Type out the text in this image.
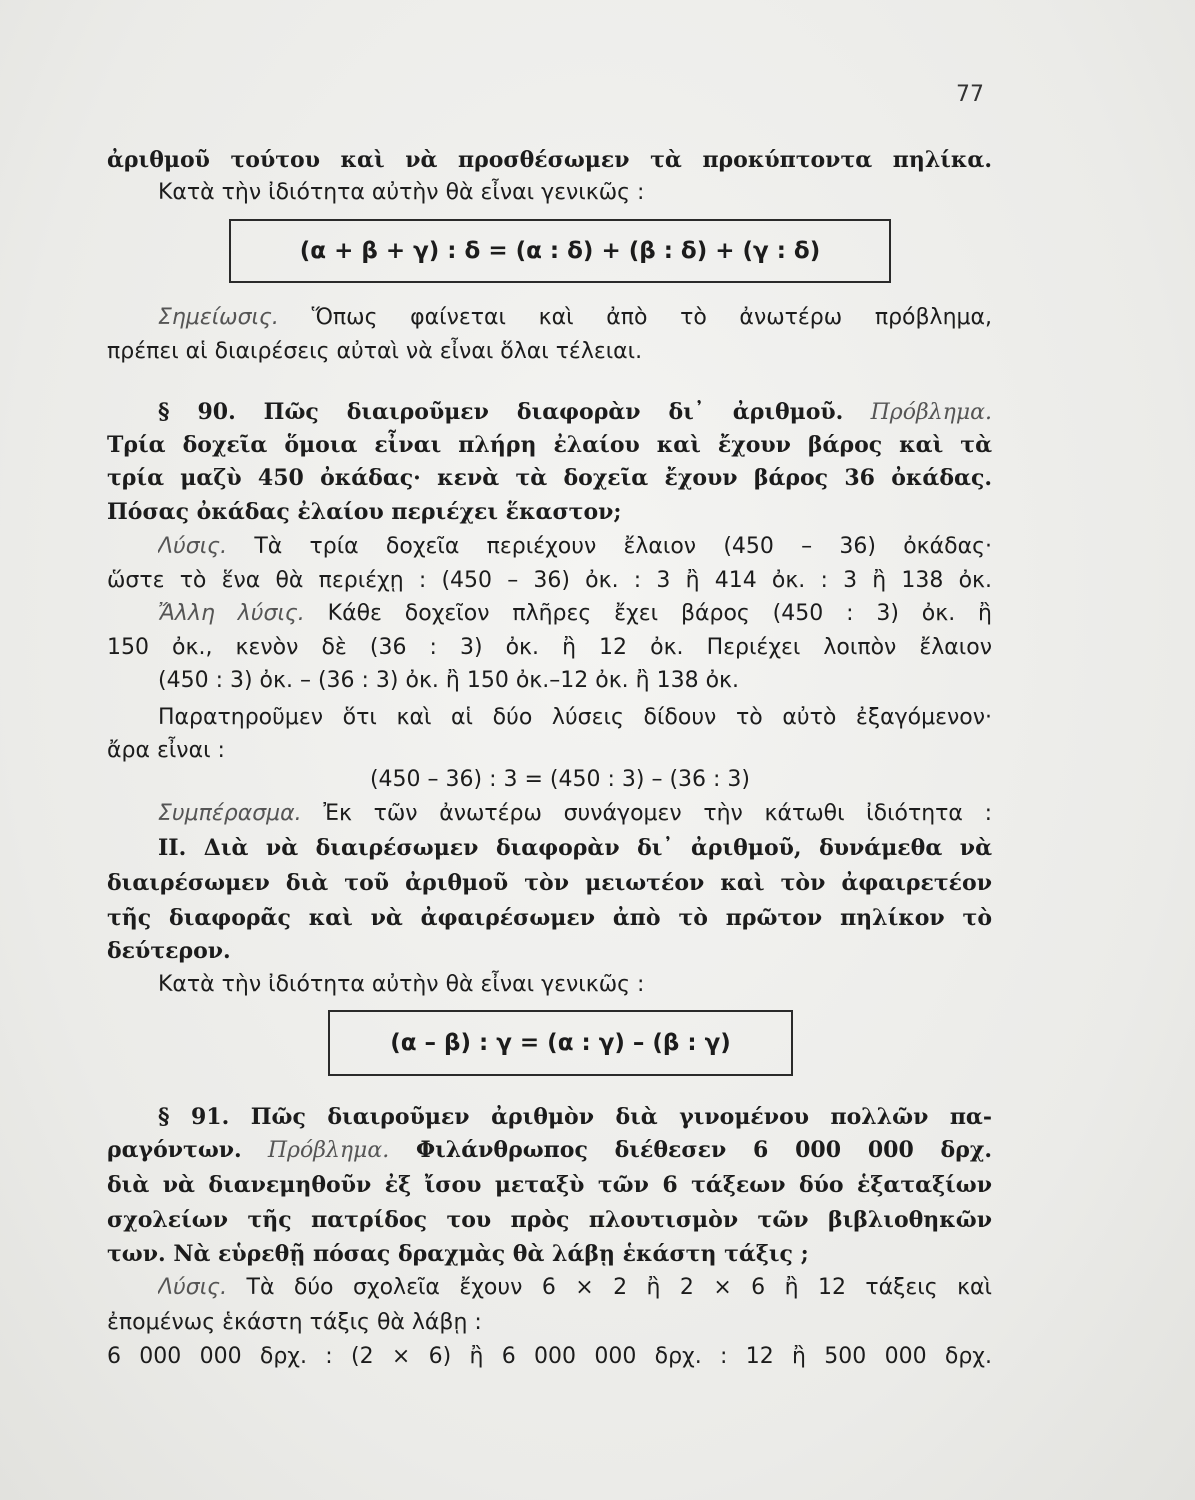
77
ἀριθμοῦ τούτου καὶ νὰ προσθέσωμεν τὰ προκύπτοντα πηλίκα.
Κατὰ τὴν ἰδιότητα αὐτὴν θὰ εἶναι γενικῶς :
(α + β + γ) : δ = (α : δ) + (β : δ) + (γ : δ)
Σημείωσις. Ὅπως φαίνεται καὶ ἀπὸ τὸ ἀνωτέρω πρόβλημα,
πρέπει αἱ διαιρέσεις αὐταὶ νὰ εἶναι ὅλαι τέλειαι.
§ 90. Πῶς διαιροῦμεν διαφορὰν δι᾽ ἀριθμοῦ. Πρόβλημα.
Τρία δοχεῖα ὅμοια εἶναι πλήρη ἐλαίου καὶ ἔχουν βάρος καὶ τὰ
τρία μαζὺ 450 ὀκάδας· κενὰ τὰ δοχεῖα ἔχουν βάρος 36 ὀκάδας.
Πόσας ὀκάδας ἐλαίου περιέχει ἕκαστον;
Λύσις. Τὰ τρία δοχεῖα περιέχουν ἔλαιον (450 – 36) ὀκάδας·
ὥστε τὸ ἕνα θὰ περιέχῃ : (450 – 36) ὀκ. : 3 ἢ 414 ὀκ. : 3 ἢ 138 ὀκ.
Ἄλλη λύσις. Κάθε δοχεῖον πλῆρες ἔχει βάρος (450 : 3) ὀκ. ἢ
150 ὀκ., κενὸν δὲ (36 : 3) ὀκ. ἢ 12 ὀκ. Περιέχει λοιπὸν ἔλαιον
(450 : 3) ὀκ. – (36 : 3) ὀκ. ἢ 150 ὀκ.–12 ὀκ. ἢ 138 ὀκ.
Παρατηροῦμεν ὅτι καὶ αἱ δύο λύσεις δίδουν τὸ αὐτὸ ἐξαγόμενον·
ἄρα εἶναι :
(450 – 36) : 3 = (450 : 3) – (36 : 3)
Συμπέρασμα. Ἐκ τῶν ἀνωτέρω συνάγομεν τὴν κάτωθι ἰδιότητα :
ΙΙ. Διὰ νὰ διαιρέσωμεν διαφορὰν δι᾽ ἀριθμοῦ, δυνάμεθα νὰ
διαιρέσωμεν διὰ τοῦ ἀριθμοῦ τὸν μειωτέον καὶ τὸν ἀφαιρετέον
τῆς διαφορᾶς καὶ νὰ ἀφαιρέσωμεν ἀπὸ τὸ πρῶτον πηλίκον τὸ
δεύτερον.
Κατὰ τὴν ἰδιότητα αὐτὴν θὰ εἶναι γενικῶς :
(α – β) : γ = (α : γ) – (β : γ)
§ 91. Πῶς διαιροῦμεν ἀριθμὸν διὰ γινομένου πολλῶν πα-
ραγόντων. Πρόβλημα. Φιλάνθρωπος διέθεσεν 6 000 000 δρχ.
διὰ νὰ διανεμηθοῦν ἐξ ἴσου μεταξὺ τῶν 6 τάξεων δύο ἑξαταξίων
σχολείων τῆς πατρίδος του πρὸς πλουτισμὸν τῶν βιβλιοθηκῶν
των. Νὰ εὑρεθῇ πόσας δραχμὰς θὰ λάβῃ ἑκάστη τάξις ;
Λύσις. Τὰ δύο σχολεῖα ἔχουν 6 × 2 ἢ 2 × 6 ἢ 12 τάξεις καὶ
ἐπομένως ἑκάστη τάξις θὰ λάβῃ :
6 000 000 δρχ. : (2 × 6) ἢ 6 000 000 δρχ. : 12 ἢ 500 000 δρχ.
